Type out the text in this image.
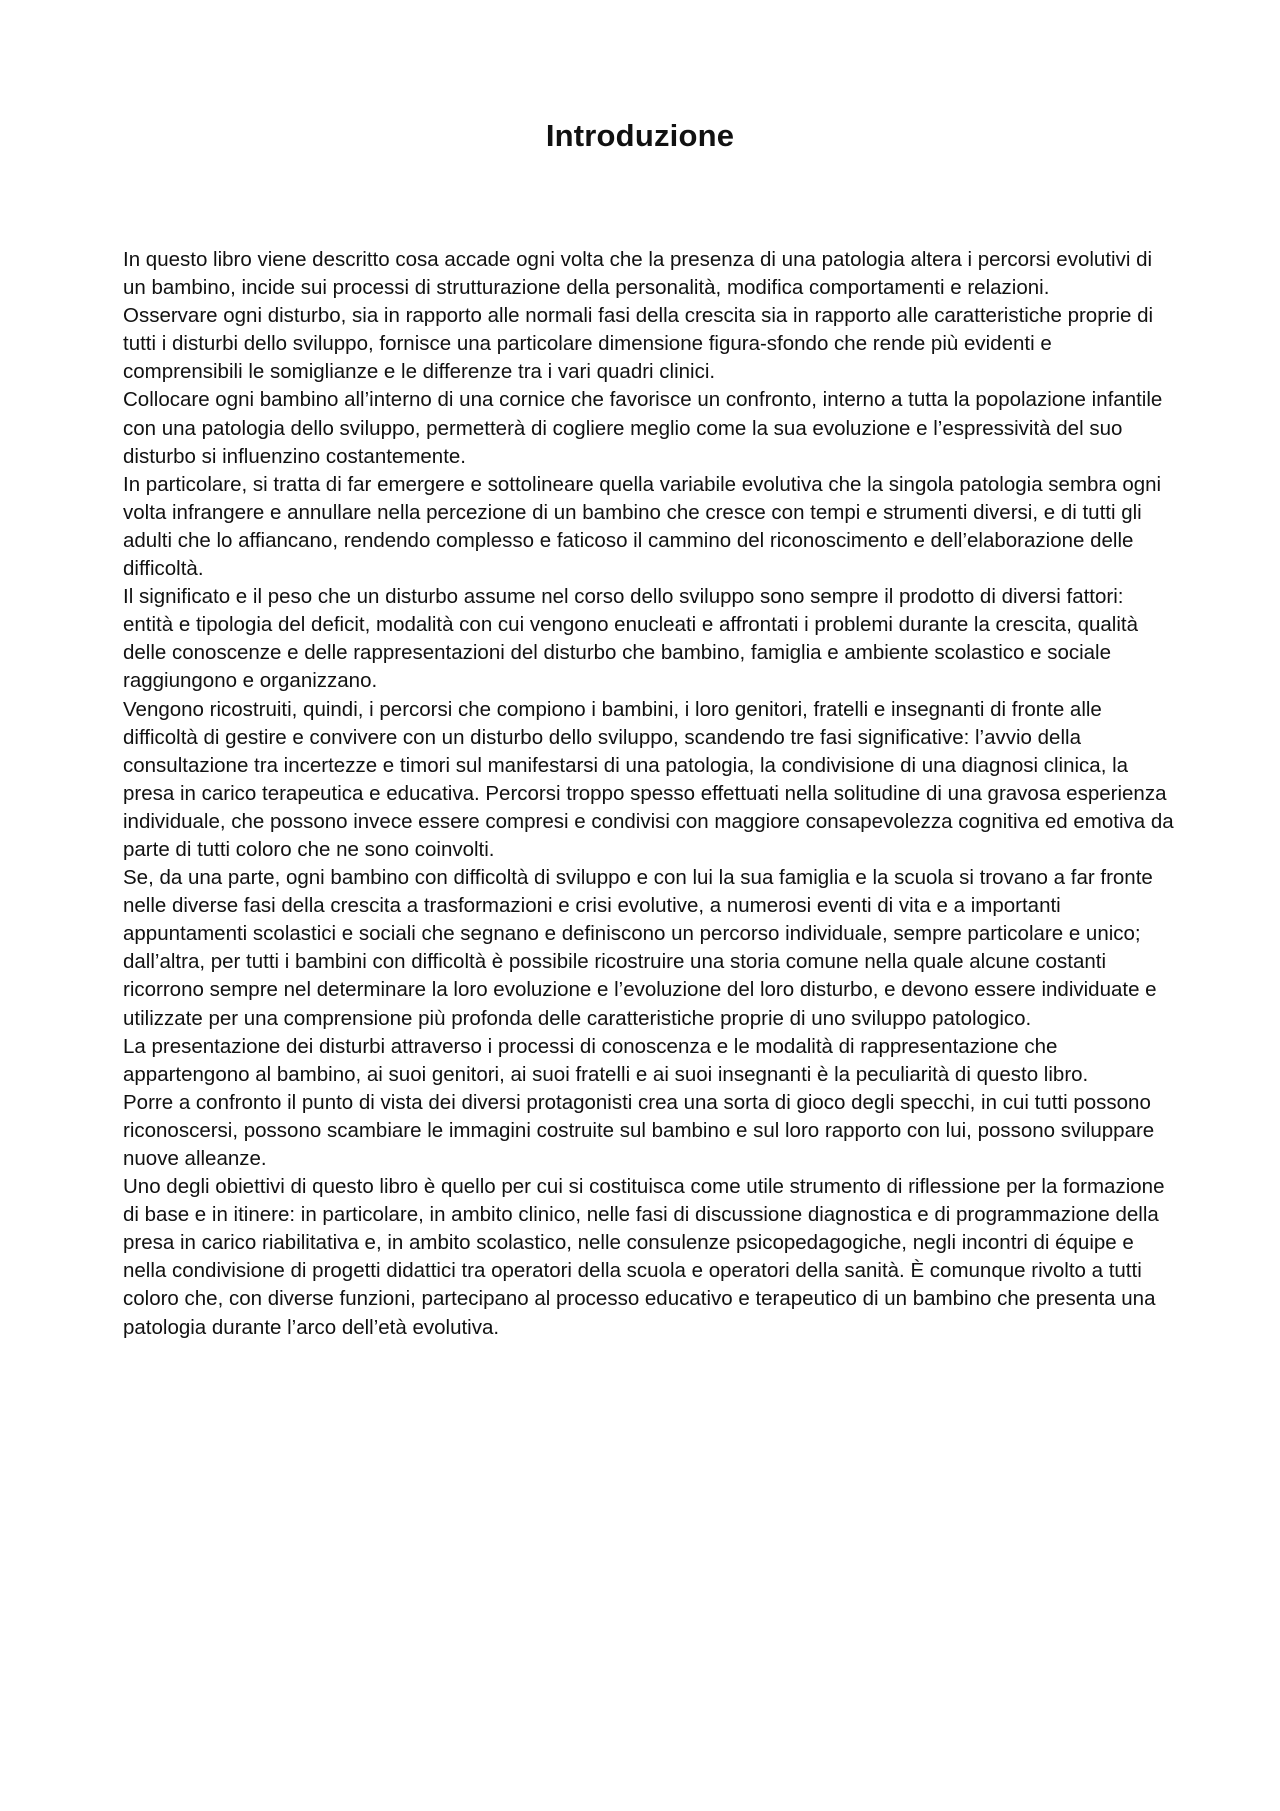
Introduzione

In questo libro viene descritto cosa accade ogni volta che la presenza di una patologia altera i percorsi evolutivi di un bambino, incide sui processi di strutturazione della personalità, modifica comportamenti e relazioni.

Osservare ogni disturbo, sia in rapporto alle normali fasi della crescita sia in rapporto alle caratteristiche proprie di tutti i disturbi dello sviluppo, fornisce una particolare dimensione figura-sfondo che rende più evidenti e comprensibili le somiglianze e le differenze tra i vari quadri clinici.

Collocare ogni bambino all’interno di una cornice che favorisce un confronto, interno a tutta la popolazione infantile con una patologia dello sviluppo, permetterà di cogliere meglio come la sua evoluzione e l’espressività del suo disturbo si influenzino costantemente.

In particolare, si tratta di far emergere e sottolineare quella variabile evolutiva che la singola patologia sembra ogni volta infrangere e annullare nella percezione di un bambino che cresce con tempi e strumenti diversi, e di tutti gli adulti che lo affiancano, rendendo complesso e faticoso il cammino del riconoscimento e dell’elaborazione delle difficoltà.

Il significato e il peso che un disturbo assume nel corso dello sviluppo sono sempre il prodotto di diversi fattori: entità e tipologia del deficit, modalità con cui vengono enucleati e affrontati i problemi durante la crescita, qualità delle conoscenze e delle rappresentazioni del disturbo che bambino, famiglia e ambiente scolastico e sociale raggiungono e organizzano.

Vengono ricostruiti, quindi, i percorsi che compiono i bambini, i loro genitori, fratelli e insegnanti di fronte alle difficoltà di gestire e convivere con un disturbo dello sviluppo, scandendo tre fasi significative: l’avvio della consultazione tra incertezze e timori sul manifestarsi di una patologia, la condivisione di una diagnosi clinica, la presa in carico terapeutica e educativa. Percorsi troppo spesso effettuati nella solitudine di una gravosa esperienza individuale, che possono invece essere compresi e condivisi con maggiore consapevolezza cognitiva ed emotiva da parte di tutti coloro che ne sono coinvolti.

Se, da una parte, ogni bambino con difficoltà di sviluppo e con lui la sua famiglia e la scuola si trovano a far fronte nelle diverse fasi della crescita a trasformazioni e crisi evolutive, a numerosi eventi di vita e a importanti appuntamenti scolastici e sociali che segnano e definiscono un percorso individuale, sempre particolare e unico; dall’altra, per tutti i bambini con difficoltà è possibile ricostruire una storia comune nella quale alcune costanti ricorrono sempre nel determinare la loro evoluzione e l’evoluzione del loro disturbo, e devono essere individuate e utilizzate per una comprensione più profonda delle caratteristiche proprie di uno sviluppo patologico.

La presentazione dei disturbi attraverso i processi di conoscenza e le modalità di rappresentazione che appartengono al bambino, ai suoi genitori, ai suoi fratelli e ai suoi insegnanti è la peculiarità di questo libro.

Porre a confronto il punto di vista dei diversi protagonisti crea una sorta di gioco degli specchi, in cui tutti possono riconoscersi, possono scambiare le immagini costruite sul bambino e sul loro rapporto con lui, possono sviluppare nuove alleanze.

Uno degli obiettivi di questo libro è quello per cui si costituisca come utile strumento di riflessione per la formazione di base e in itinere: in particolare, in ambito clinico, nelle fasi di discussione diagnostica e di programmazione della presa in carico riabilitativa e, in ambito scolastico, nelle consulenze psicopedagogiche, negli incontri di équipe e nella condivisione di progetti didattici tra operatori della scuola e operatori della sanità. È comunque rivolto a tutti coloro che, con diverse funzioni, partecipano al processo educativo e terapeutico di un bambino che presenta una patologia durante l’arco dell’età evolutiva.
